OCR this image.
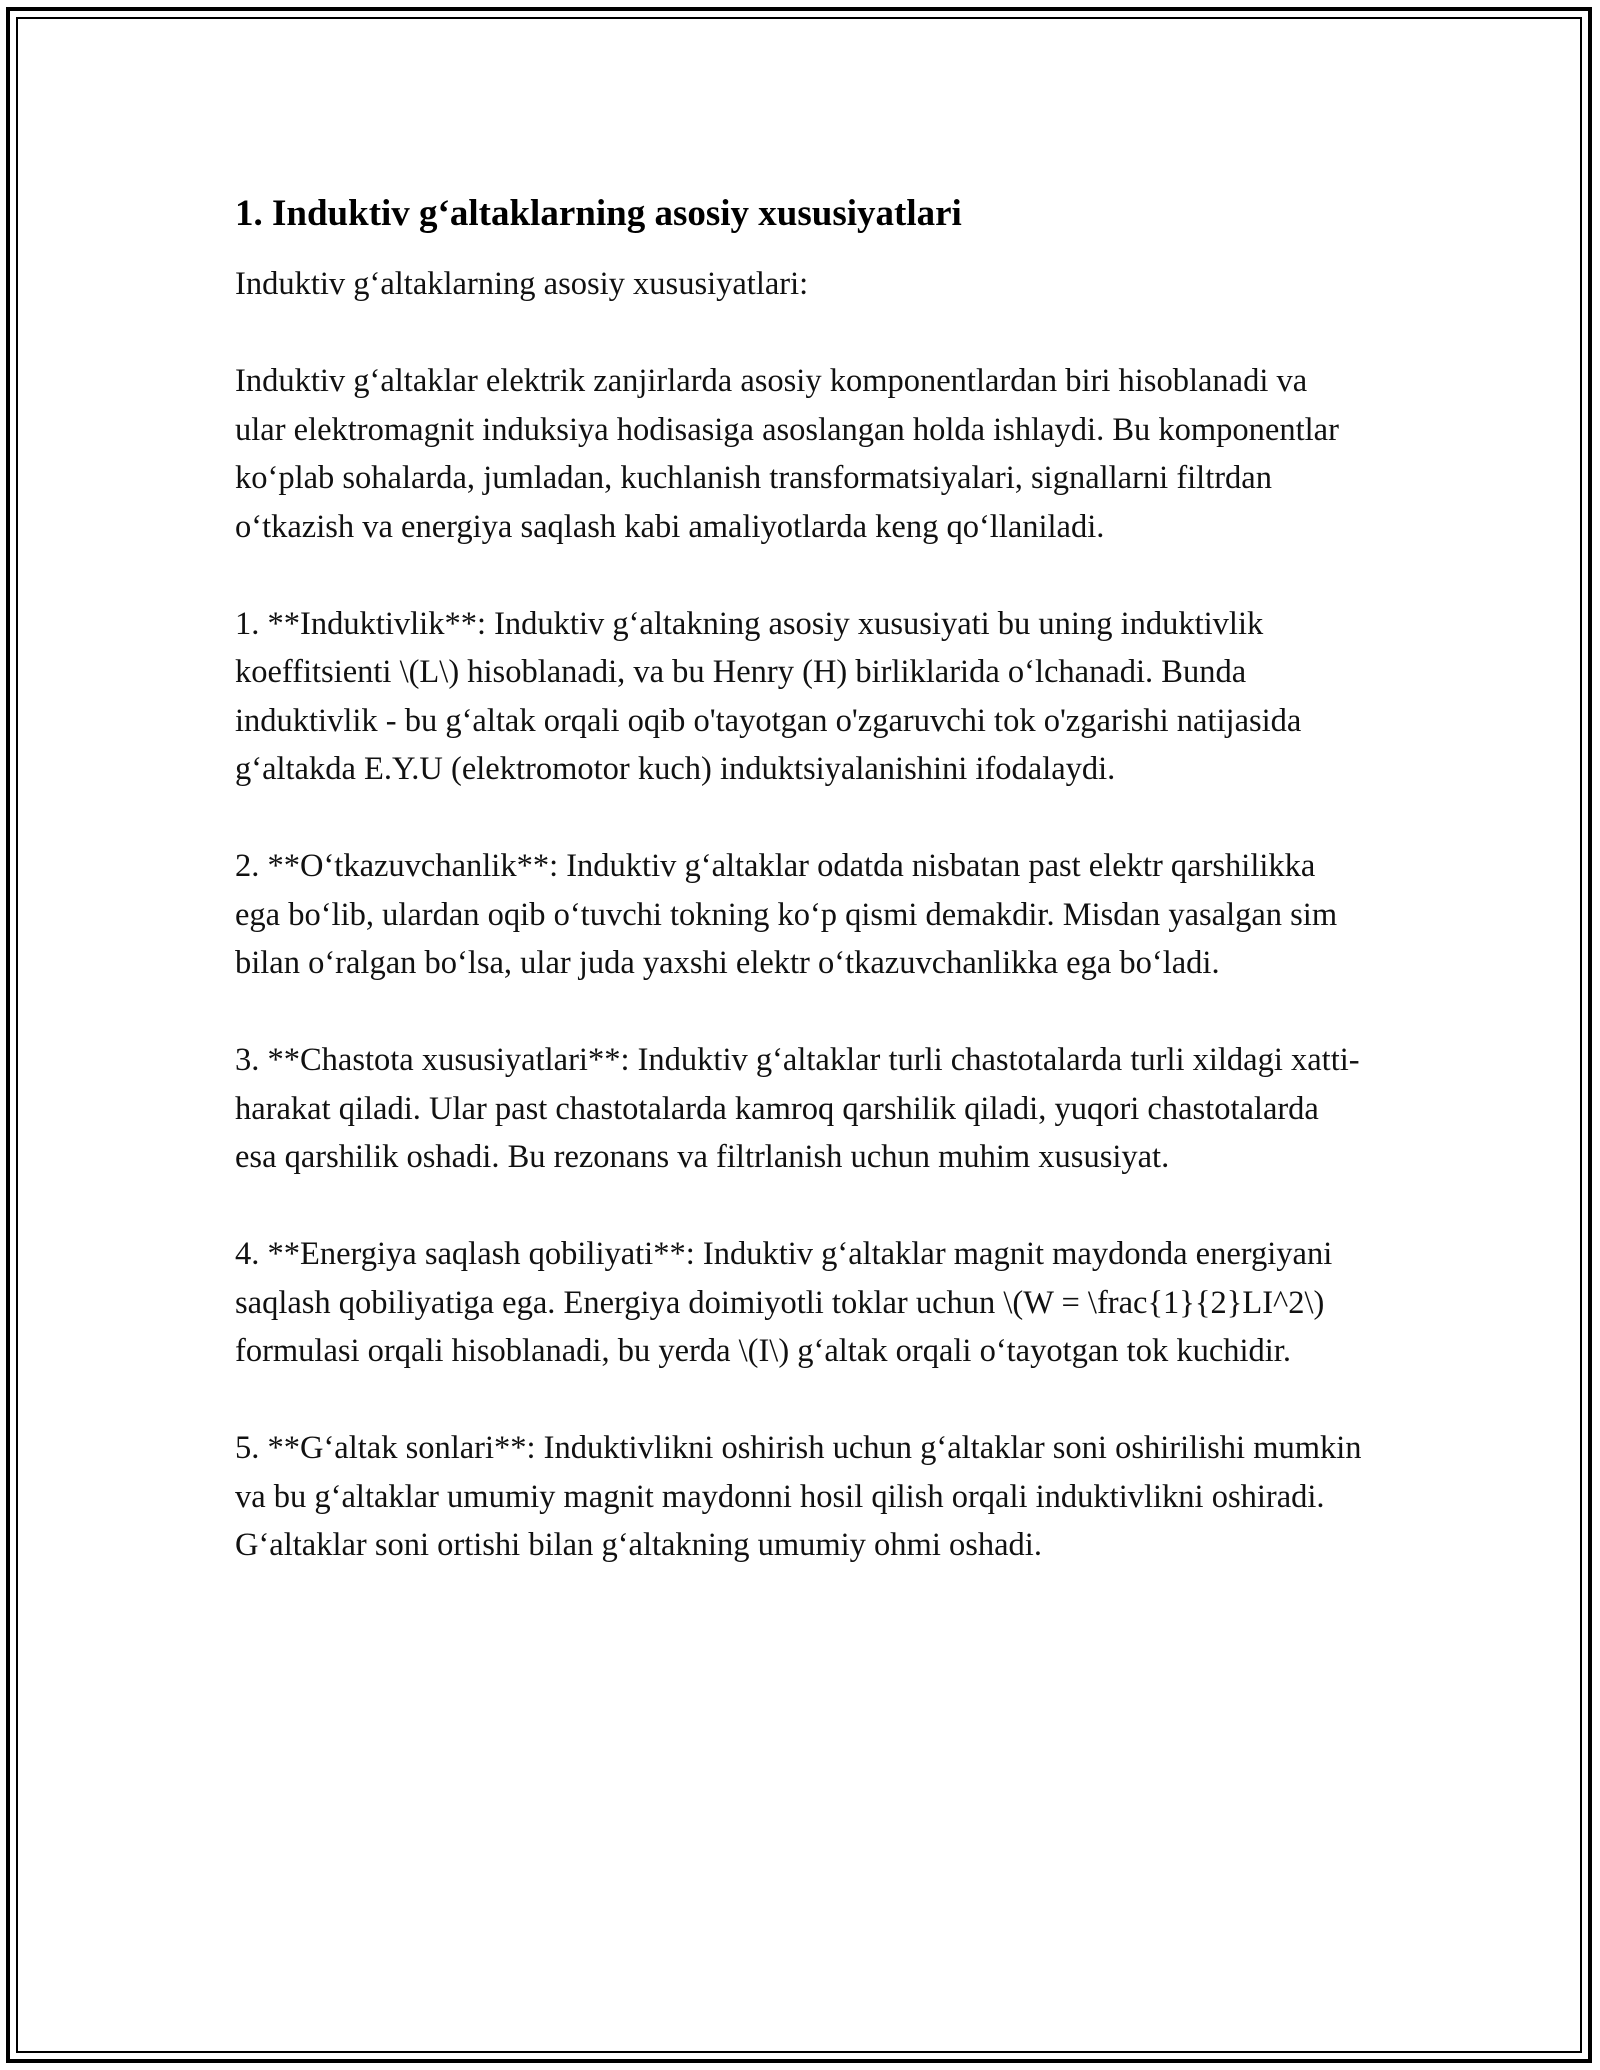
1. Induktiv g‘altaklarning asosiy xususiyatlari

Induktiv g‘altaklarning asosiy xususiyatlari:

Induktiv g‘altaklar elektrik zanjirlarda asosiy komponentlardan biri hisoblanadi va ular elektromagnit induksiya hodisasiga asoslangan holda ishlaydi. Bu komponentlar ko‘plab sohalarda, jumladan, kuchlanish transformatsiyalari, signallarni filtrdan o‘tkazish va energiya saqlash kabi amaliyotlarda keng qo‘llaniladi.

1. **Induktivlik**: Induktiv g‘altakning asosiy xususiyati bu uning induktivlik koeffitsienti \(L\) hisoblanadi, va bu Henry (H) birliklarida o‘lchanadi. Bunda induktivlik - bu g‘altak orqali oqib o'tayotgan o'zgaruvchi tok o'zgarishi natijasida g‘altakda E.Y.U (elektromotor kuch) induktsiyalanishini ifodalaydi.

2. **O‘tkazuvchanlik**: Induktiv g‘altaklar odatda nisbatan past elektr qarshilikka ega bo‘lib, ulardan oqib o‘tuvchi tokning ko‘p qismi demakdir. Misdan yasalgan sim bilan o‘ralgan bo‘lsa, ular juda yaxshi elektr o‘tkazuvchanlikka ega bo‘ladi.

3. **Chastota xususiyatlari**: Induktiv g‘altaklar turli chastotalarda turli xildagi xatti-harakat qiladi. Ular past chastotalarda kamroq qarshilik qiladi, yuqori chastotalarda esa qarshilik oshadi. Bu rezonans va filtrlanish uchun muhim xususiyat.

4. **Energiya saqlash qobiliyati**: Induktiv g‘altaklar magnit maydonda energiyani saqlash qobiliyatiga ega. Energiya doimiyotli toklar uchun \(W = \frac{1}{2}LI^2\) formulasi orqali hisoblanadi, bu yerda \(I\) g‘altak orqali o‘tayotgan tok kuchidir.

5. **G‘altak sonlari**: Induktivlikni oshirish uchun g‘altaklar soni oshirilishi mumkin va bu g‘altaklar umumiy magnit maydonni hosil qilish orqali induktivlikni oshiradi. G‘altaklar soni ortishi bilan g‘altakning umumiy ohmi oshadi.
